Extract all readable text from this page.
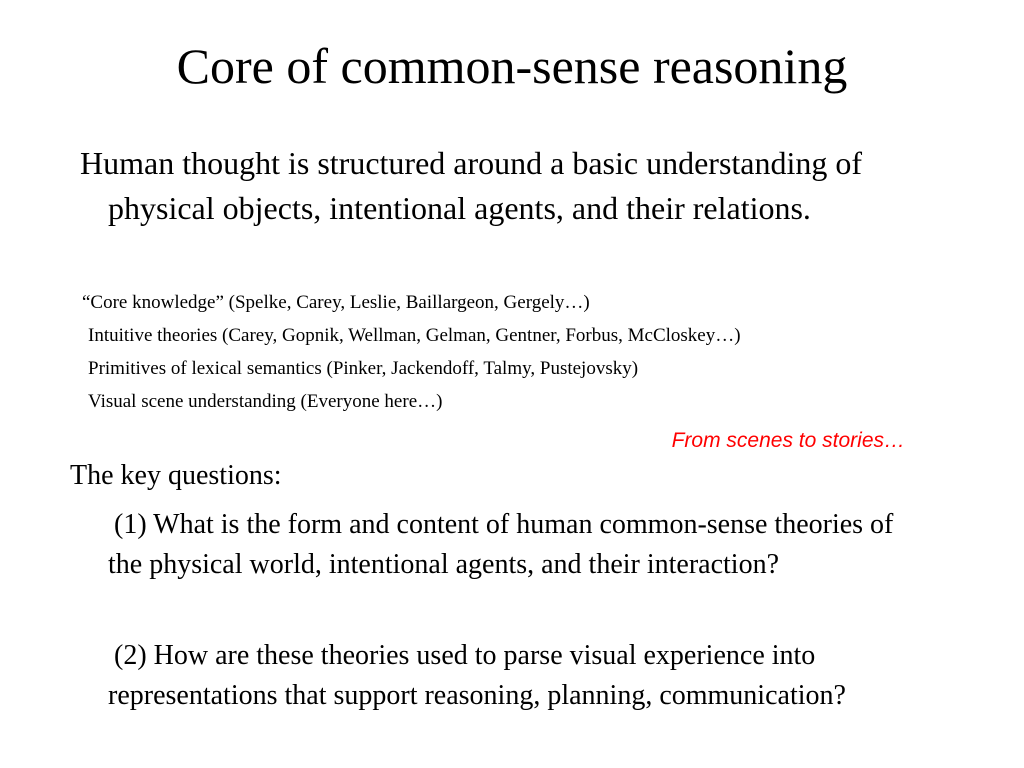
Core of common-sense reasoning
Human thought is structured around a basic understanding of physical objects, intentional agents, and their relations.
“Core knowledge” (Spelke, Carey, Leslie, Baillargeon, Gergely…)
Intuitive theories (Carey, Gopnik, Wellman, Gelman, Gentner, Forbus, McCloskey…)
Primitives of lexical semantics (Pinker, Jackendoff, Talmy, Pustejovsky)
Visual scene understanding (Everyone here…)
From scenes to stories…
The key questions:
(1) What is the form and content of human common-sense theories of the physical world, intentional agents, and their interaction?
(2) How are these theories used to parse visual experience into representations that support reasoning, planning, communication?
